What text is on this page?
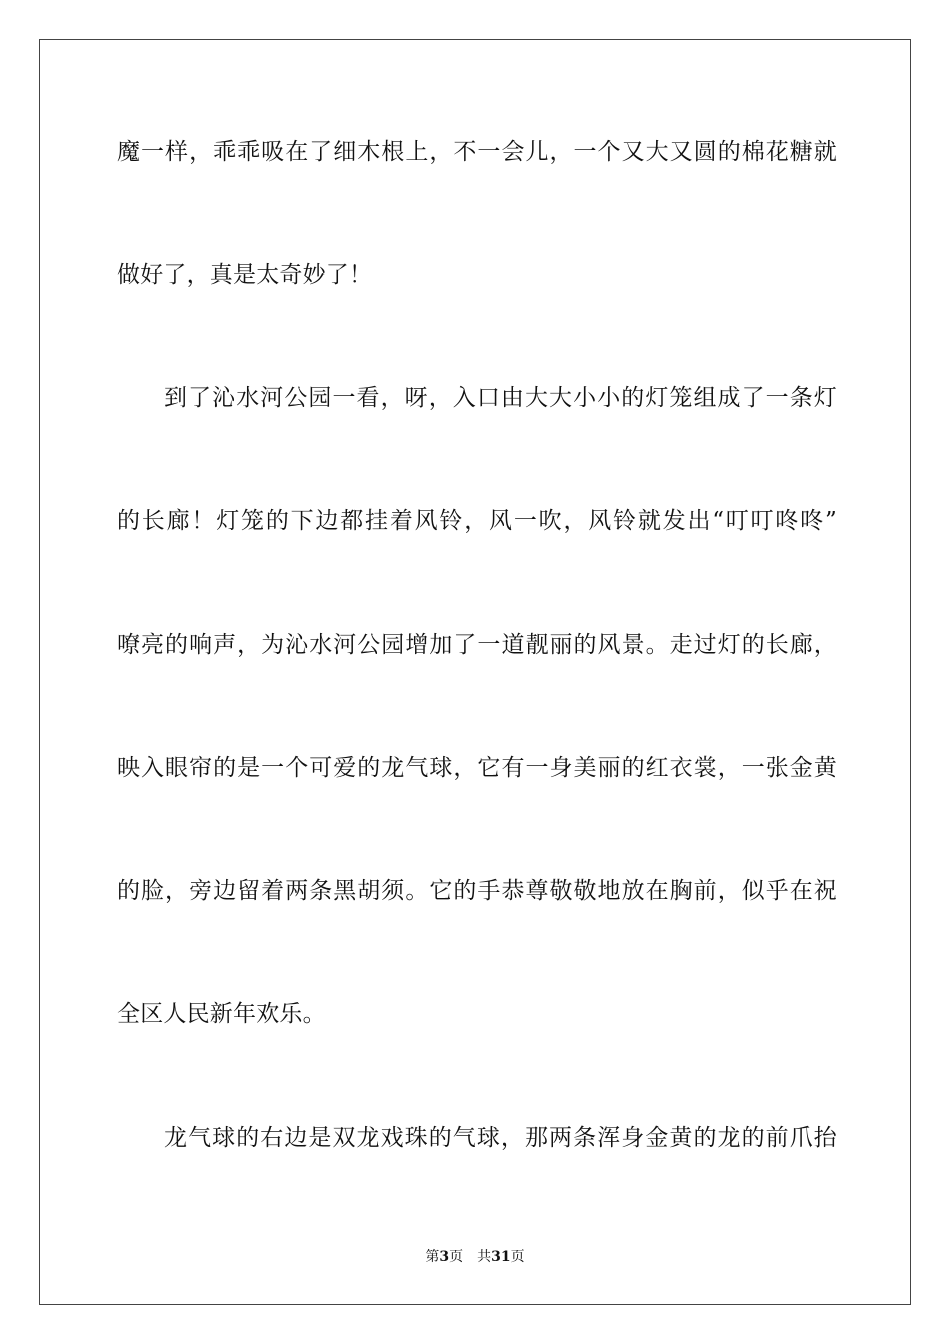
魔一样，乖乖吸在了细木根上，不一会儿，一个又大又圆的棉花糖就
做好了，真是太奇妙了！
到了沁水河公园一看，呀，入口由大大小小的灯笼组成了一条灯
的长廊！灯笼的下边都挂着风铃，风一吹，风铃就发出“叮叮咚咚”
嘹亮的响声，为沁水河公园增加了一道靓丽的风景。走过灯的长廊，
映入眼帘的是一个可爱的龙气球，它有一身美丽的红衣裳，一张金黄
的脸，旁边留着两条黑胡须。它的手恭尊敬敬地放在胸前，似乎在祝
全区人民新年欢乐。
龙气球的右边是双龙戏珠的气球，那两条浑身金黄的龙的前爪抬
第3页 共31页
